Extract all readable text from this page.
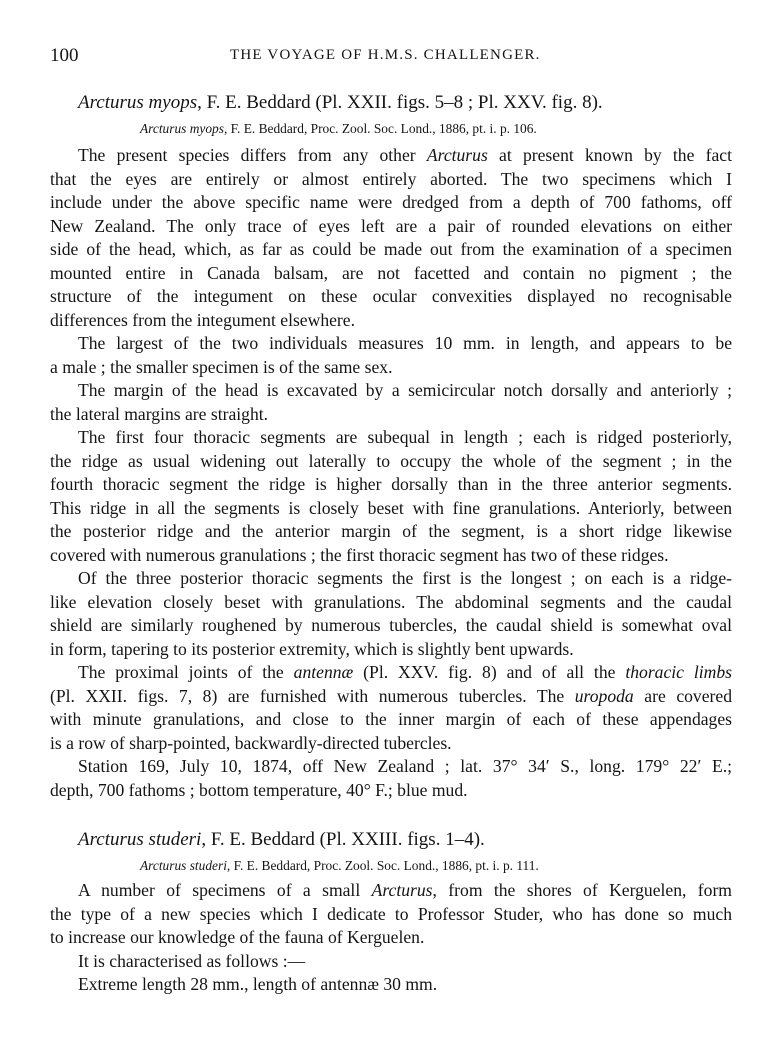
100	THE VOYAGE OF H.M.S. CHALLENGER.
Arcturus myops, F. E. Beddard (Pl. XXII. figs. 5–8 ; Pl. XXV. fig. 8).
Arcturus myops, F. E. Beddard, Proc. Zool. Soc. Lond., 1886, pt. i. p. 106.
The present species differs from any other Arcturus at present known by the fact
that the eyes are entirely or almost entirely aborted. The two specimens which I
include under the above specific name were dredged from a depth of 700 fathoms, off
New Zealand. The only trace of eyes left are a pair of rounded elevations on either
side of the head, which, as far as could be made out from the examination of a specimen
mounted entire in Canada balsam, are not facetted and contain no pigment ; the
structure of the integument on these ocular convexities displayed no recognisable
differences from the integument elsewhere.
The largest of the two individuals measures 10 mm. in length, and appears to be
a male ; the smaller specimen is of the same sex.
The margin of the head is excavated by a semicircular notch dorsally and anteriorly ;
the lateral margins are straight.
The first four thoracic segments are subequal in length ; each is ridged posteriorly,
the ridge as usual widening out laterally to occupy the whole of the segment ; in the
fourth thoracic segment the ridge is higher dorsally than in the three anterior segments.
This ridge in all the segments is closely beset with fine granulations. Anteriorly, between
the posterior ridge and the anterior margin of the segment, is a short ridge likewise
covered with numerous granulations ; the first thoracic segment has two of these ridges.
Of the three posterior thoracic segments the first is the longest ; on each is a ridge-
like elevation closely beset with granulations. The abdominal segments and the caudal
shield are similarly roughened by numerous tubercles, the caudal shield is somewhat oval
in form, tapering to its posterior extremity, which is slightly bent upwards.
The proximal joints of the antennæ (Pl. XXV. fig. 8) and of all the thoracic limbs
(Pl. XXII. figs. 7, 8) are furnished with numerous tubercles. The uropoda are covered
with minute granulations, and close to the inner margin of each of these appendages
is a row of sharp-pointed, backwardly-directed tubercles.
Station 169, July 10, 1874, off New Zealand ; lat. 37° 34′ S., long. 179° 22′ E.;
depth, 700 fathoms ; bottom temperature, 40° F.; blue mud.
Arcturus studeri, F. E. Beddard (Pl. XXIII. figs. 1–4).
Arcturus studeri, F. E. Beddard, Proc. Zool. Soc. Lond., 1886, pt. i. p. 111.
A number of specimens of a small Arcturus, from the shores of Kerguelen, form
the type of a new species which I dedicate to Professor Studer, who has done so much
to increase our knowledge of the fauna of Kerguelen.
It is characterised as follows :—
Extreme length 28 mm., length of antennæ 30 mm.
